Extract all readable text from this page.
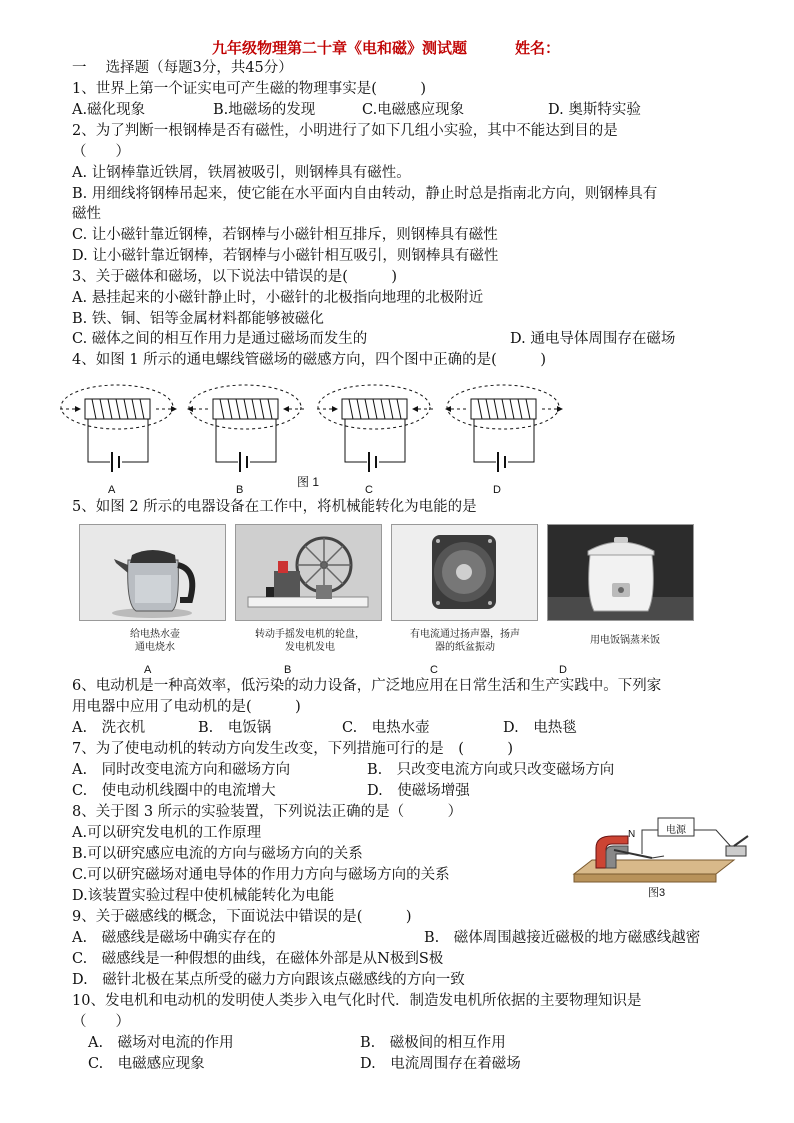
九年级物理第二十章《电和磁》测试题	姓名：
一　 选择题（每题3分，共45分）
1、世界上第一个证实电可产生磁的物理事实是(　　　)
A.磁化现象	B.地磁场的发现	C.电磁感应现象	D. 奥斯特实验
2、为了判断一根钢棒是否有磁性，小明进行了如下几组小实验，其中不能达到目的是
（　　）
A. 让钢棒靠近铁屑，铁屑被吸引，则钢棒具有磁性。
B. 用细线将钢棒吊起来，使它能在水平面内自由转动，静止时总是指南北方向，则钢棒具有
磁性
C. 让小磁针靠近钢棒，若钢棒与小磁针相互排斥，则钢棒具有磁性
D. 让小磁针靠近钢棒，若钢棒与小磁针相互吸引，则钢棒具有磁性
3、关于磁体和磁场，以下说法中错误的是(　　　)
A. 悬挂起来的小磁针静止时，小磁针的北极指向地理的北极附近
B. 铁、铜、铝等金属材料都能够被磁化
C. 磁体之间的相互作用力是通过磁场而发生的	D. 通电导体周围存在磁场
4、如图 1 所示的通电螺线管磁场的磁感方向，四个图中正确的是(　　　)
图 1
A	B	C	D
5、如图 2 所示的电器设备在工作中，将机械能转化为电能的是
给电热水壶
通电烧水
转动手摇发电机的轮盘，
发电机发电
有电流通过扬声器，扬声
器的纸盆振动
用电饭锅蒸米饭
A	B	C	D
6、电动机是一种高效率，低污染的动力设备，广泛地应用在日常生活和生产实践中。下列家
用电器中应用了电动机的是(　　　)
A.　洗衣机	B.　电饭锅	C.　电热水壶	D.　电热毯
7、为了使电动机的转动方向发生改变，下列措施可行的是　(　　　)
A.　同时改变电流方向和磁场方向	B.　只改变电流方向或只改变磁场方向
C.　使电动机线圈中的电流增大	D.　使磁场增强
8、关于图 3 所示的实验装置，下列说法正确的是（　　　）
A.可以研究发电机的工作原理
B.可以研究感应电流的方向与磁场方向的关系
C.可以研究磁场对通电导体的作用力方向与磁场方向的关系
D.该装置实验过程中使机械能转化为电能
N	电源
图3
9、关于磁感线的概念，下面说法中错误的是(　　　)
A.　磁感线是磁场中确实存在的	B.　磁体周围越接近磁极的地方磁感线越密
C.　磁感线是一种假想的曲线，在磁体外部是从N极到S极
D.　磁针北极在某点所受的磁力方向跟该点磁感线的方向一致
10、发电机和电动机的发明使人类步入电气化时代．制造发电机所依据的主要物理知识是
（　　）
A.　磁场对电流的作用	B.　磁极间的相互作用
C.　电磁感应现象	D.　电流周围存在着磁场
